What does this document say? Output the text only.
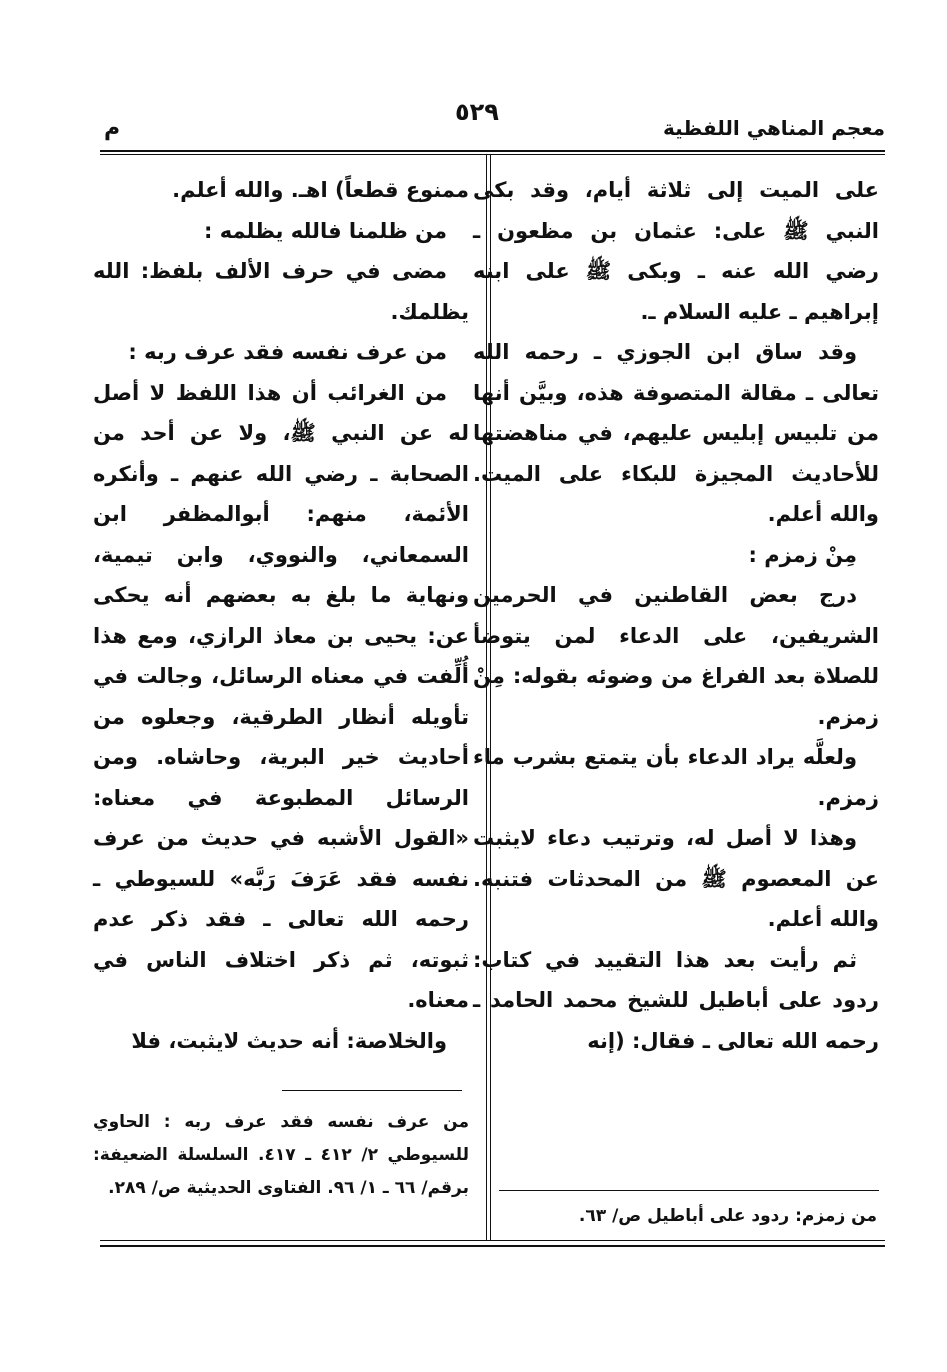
معجم المناهي اللفظية
٥٢٩
م

على الميت إلى ثلاثة أيام، وقد بكى النبي ﷺ على: عثمان بن مظعون ـ رضي الله عنه ـ وبكى ﷺ على ابنه إبراهيم ـ عليه السلام ـ.

وقد ساق ابن الجوزي ـ رحمه الله تعالى ـ مقالة المتصوفة هذه، وبيَّن أنها من تلبيس إبليس عليهم، في مناهضتها للأحاديث المجيزة للبكاء على الميت. والله أعلم.

مِنْ زمزم :

درج بعض القاطنين في الحرمين الشريفين، على الدعاء لمن يتوضأ للصلاة بعد الفراغ من وضوئه بقوله: مِنْ زمزم.

ولعلَّه يراد الدعاء بأن يتمتع بشرب ماء زمزم.

وهذا لا أصل له، وترتيب دعاء لايثبت عن المعصوم ﷺ من المحدثات فتنبه. والله أعلم.

ثم رأيت بعد هذا التقييد في كتاب: ردود على أباطيل للشيخ محمد الحامد ـ رحمه الله تعالى ـ فقال: (إنه

من زمزم: ردود على أباطيل ص/ ٦٣.

ممنوع قطعاً) اهـ. والله أعلم.

من ظلمنا فالله يظلمه :

مضى في حرف الألف بلفظ: الله يظلمك.

من عرف نفسه فقد عرف ربه :

من الغرائب أن هذا اللفظ لا أصل له عن النبي ﷺ، ولا عن أحد من الصحابة ـ رضي الله عنهم ـ وأنكره الأئمة، منهم: أبوالمظفر ابن السمعاني، والنووي، وابن تيمية، ونهاية ما بلغ به بعضهم أنه يحكى عن: يحيى بن معاذ الرازي، ومع هذا أُلِّفت في معناه الرسائل، وجالت في تأويله أنظار الطرقية، وجعلوه من أحاديث خير البرية، وحاشاه. ومن الرسائل المطبوعة في معناه: «القول الأشبه في حديث من عرف نفسه فقد عَرَفَ رَبَّه» للسيوطي ـ رحمه الله تعالى ـ فقد ذكر عدم ثبوته، ثم ذكر اختلاف الناس في معناه.

والخلاصة: أنه حديث لايثبت، فلا

من عرف نفسه فقد عرف ربه : الحاوي للسيوطي ٢/ ٤١٢ ـ ٤١٧. السلسلة الضعيفة: برقم/ ٦٦ ـ ١/ ٩٦. الفتاوى الحديثية ص/ ٢٨٩.
